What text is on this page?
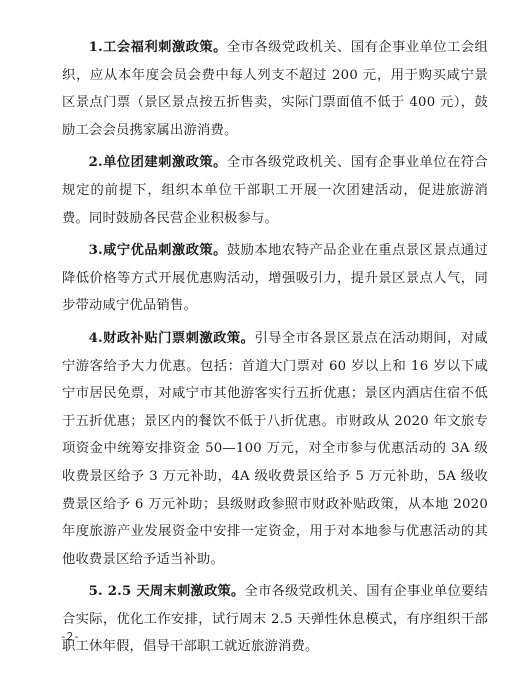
1.工会福利刺激政策。全市各级党政机关、国有企事业单位工会组织，应从本年度会员会费中每人列支不超过 200 元，用于购买咸宁景区景点门票（景区景点按五折售卖，实际门票面值不低于 400 元），鼓励工会会员携家属出游消费。

2.单位团建刺激政策。全市各级党政机关、国有企事业单位在符合规定的前提下，组织本单位干部职工开展一次团建活动，促进旅游消费。同时鼓励各民营企业积极参与。

3.咸宁优品刺激政策。鼓励本地农特产品企业在重点景区景点通过降低价格等方式开展优惠购活动，增强吸引力，提升景区景点人气，同步带动咸宁优品销售。

4.财政补贴门票刺激政策。引导全市各景区景点在活动期间，对咸宁游客给予大力优惠。包括：首道大门票对 60 岁以上和 16 岁以下咸宁市居民免票，对咸宁市其他游客实行五折优惠；景区内酒店住宿不低于五折优惠；景区内的餐饮不低于八折优惠。市财政从 2020 年文旅专项资金中统筹安排资金 50—100 万元，对全市参与优惠活动的 3A 级收费景区给予 3 万元补助，4A 级收费景区给予 5 万元补助，5A 级收费景区给予 6 万元补助；县级财政参照市财政补贴政策，从本地 2020 年度旅游产业发展资金中安排一定资金，用于对本地参与优惠活动的其他收费景区给予适当补助。

5. 2.5 天周末刺激政策。全市各级党政机关、国有企事业单位要结合实际，优化工作安排，试行周末 2.5 天弹性休息模式，有序组织干部职工休年假，倡导干部职工就近旅游消费。

-2-
